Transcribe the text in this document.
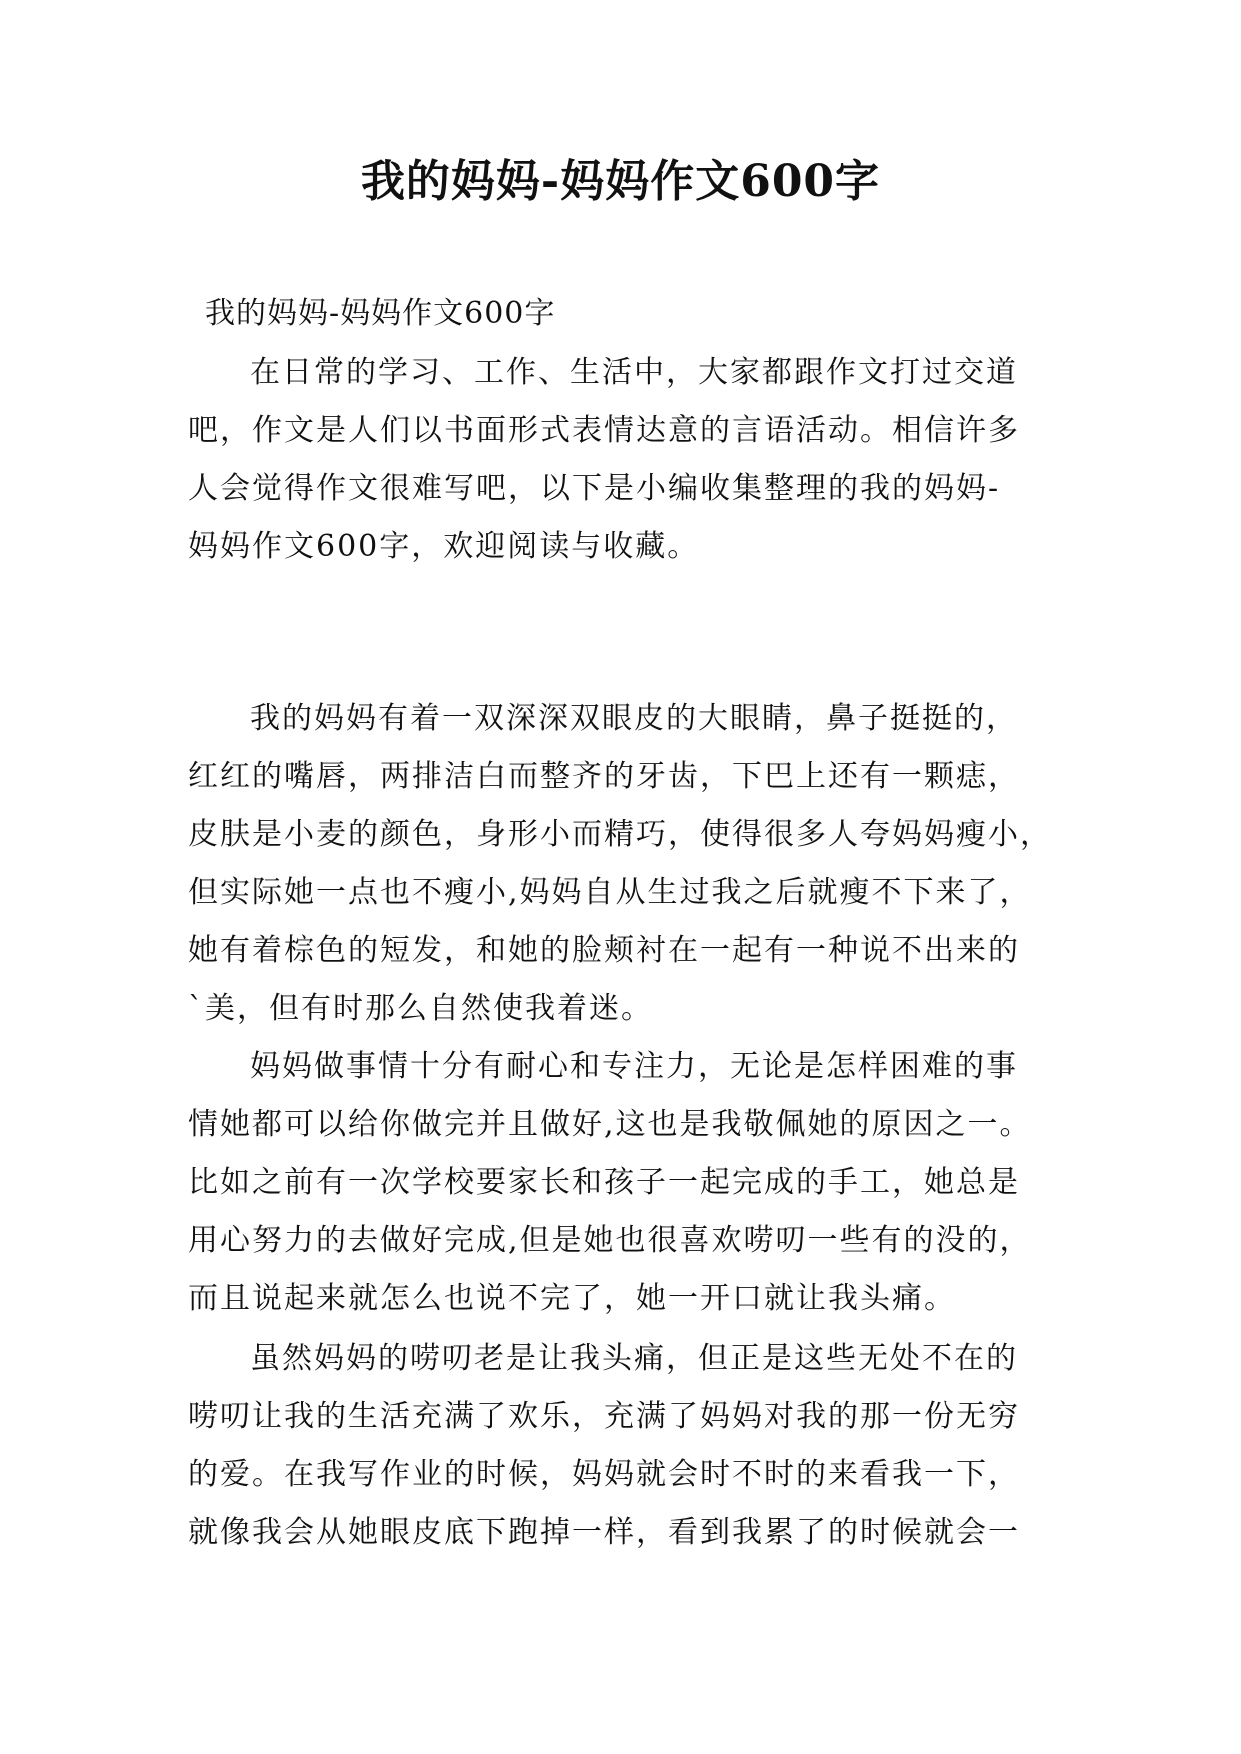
我的妈妈-妈妈作文600字

我的妈妈-妈妈作文600字

在日常的学习、工作、生活中，大家都跟作文打过交道
吧，作文是人们以书面形式表情达意的言语活动。相信许多
人会觉得作文很难写吧，以下是小编收集整理的我的妈妈-
妈妈作文600字，欢迎阅读与收藏。
我的妈妈有着一双深深双眼皮的大眼睛，鼻子挺挺的，
红红的嘴唇，两排洁白而整齐的牙齿，下巴上还有一颗痣，
皮肤是小麦的颜色，身形小而精巧，使得很多人夸妈妈瘦小，
但实际她一点也不瘦小,妈妈自从生过我之后就瘦不下来了，
她有着棕色的短发，和她的脸颊衬在一起有一种说不出来的
`美，但有时那么自然使我着迷。
妈妈做事情十分有耐心和专注力，无论是怎样困难的事
情她都可以给你做完并且做好,这也是我敬佩她的原因之一。
比如之前有一次学校要家长和孩子一起完成的手工，她总是
用心努力的去做好完成,但是她也很喜欢唠叨一些有的没的，
而且说起来就怎么也说不完了，她一开口就让我头痛。
虽然妈妈的唠叨老是让我头痛，但正是这些无处不在的
唠叨让我的生活充满了欢乐，充满了妈妈对我的那一份无穷
的爱。在我写作业的时候，妈妈就会时不时的来看我一下，
就像我会从她眼皮底下跑掉一样，看到我累了的时候就会一
